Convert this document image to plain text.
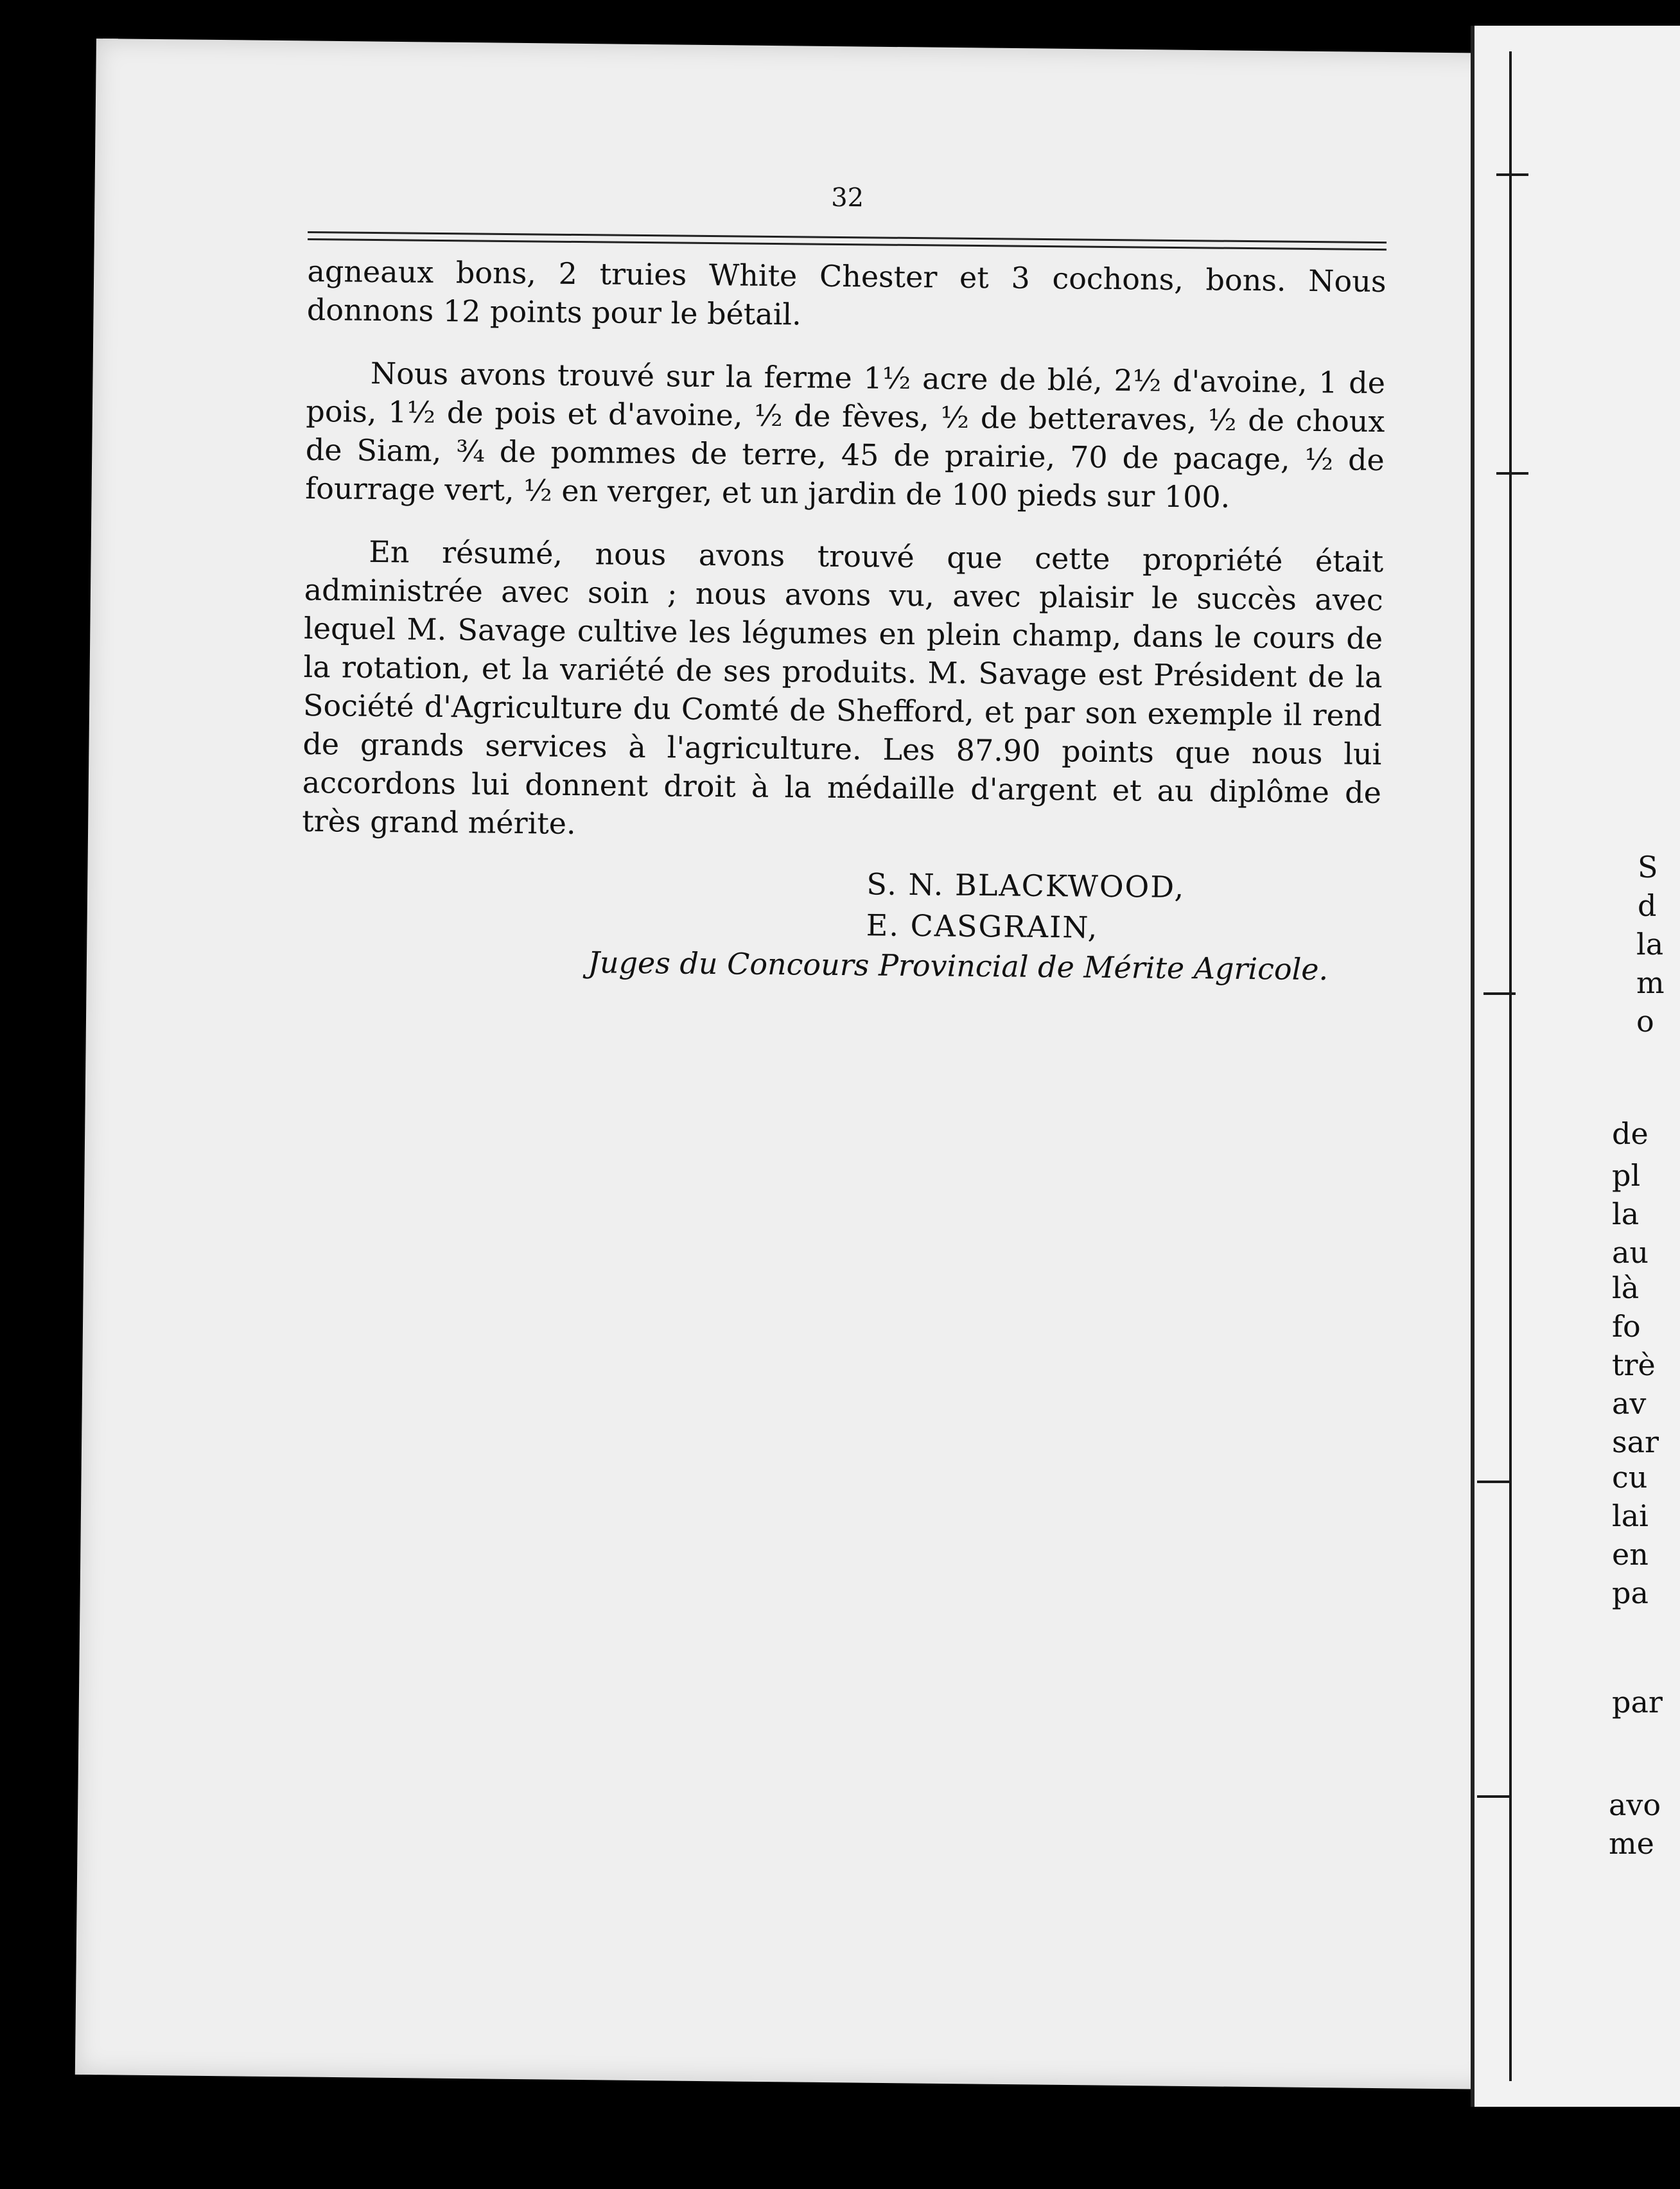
32

agneaux bons, 2 truies White Chester et 3 cochons, bons. Nous donnons 12 points pour le bétail.

Nous avons trouvé sur la ferme 1½ acre de blé, 2½ d'avoine, 1 de pois, 1½ de pois et d'avoine, ½ de fèves, ½ de betteraves, ½ de choux de Siam, ¾ de pommes de terre, 45 de prairie, 70 de pacage, ½ de fourrage vert, ½ en verger, et un jardin de 100 pieds sur 100.

En résumé, nous avons trouvé que cette propriété était administrée avec soin ; nous avons vu, avec plaisir le succès avec lequel M. Savage cultive les légumes en plein champ, dans le cours de la rotation, et la variété de ses produits. M. Savage est Président de la Société d'Agriculture du Comté de Shefford, et par son exemple il rend de grands services à l'agriculture. Les 87.90 points que nous lui accordons lui donnent droit à la médaille d'argent et au diplôme de très grand mérite.

S. N. BLACKWOOD,
E. CASGRAIN,
Juges du Concours Provincial de Mérite Agricole.
S
d
la
m
o
de
pl
la
au
là
fo
trè
av
sar
cu
lai
en
pa
par
avo
me
